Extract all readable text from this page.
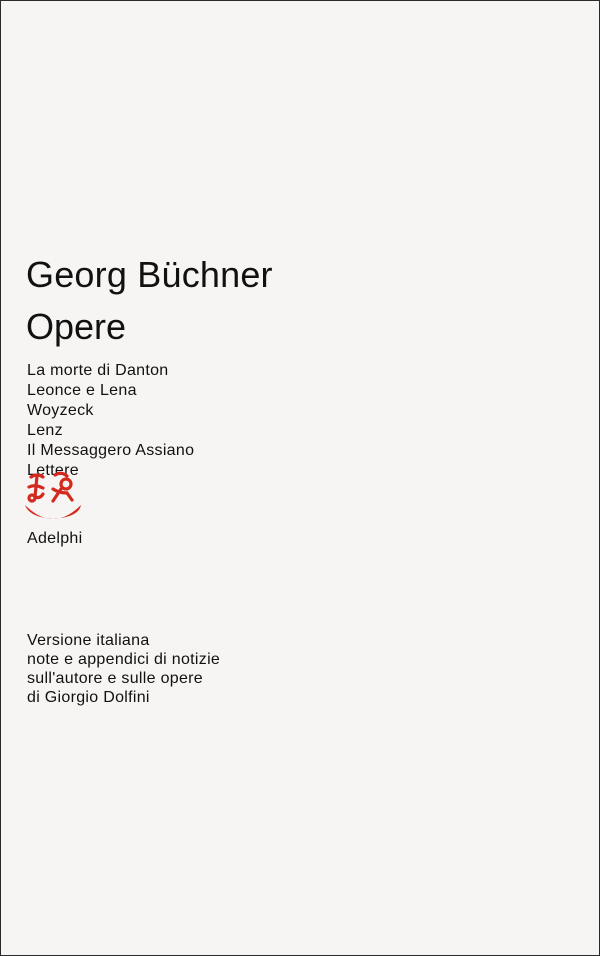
Georg Büchner
Opere
La morte di Danton
Leonce e Lena
Woyzeck
Lenz
Il Messaggero Assiano
Lettere
Adelphi
Versione italiana
note e appendici di notizie
sull'autore e sulle opere
di Giorgio Dolfini
